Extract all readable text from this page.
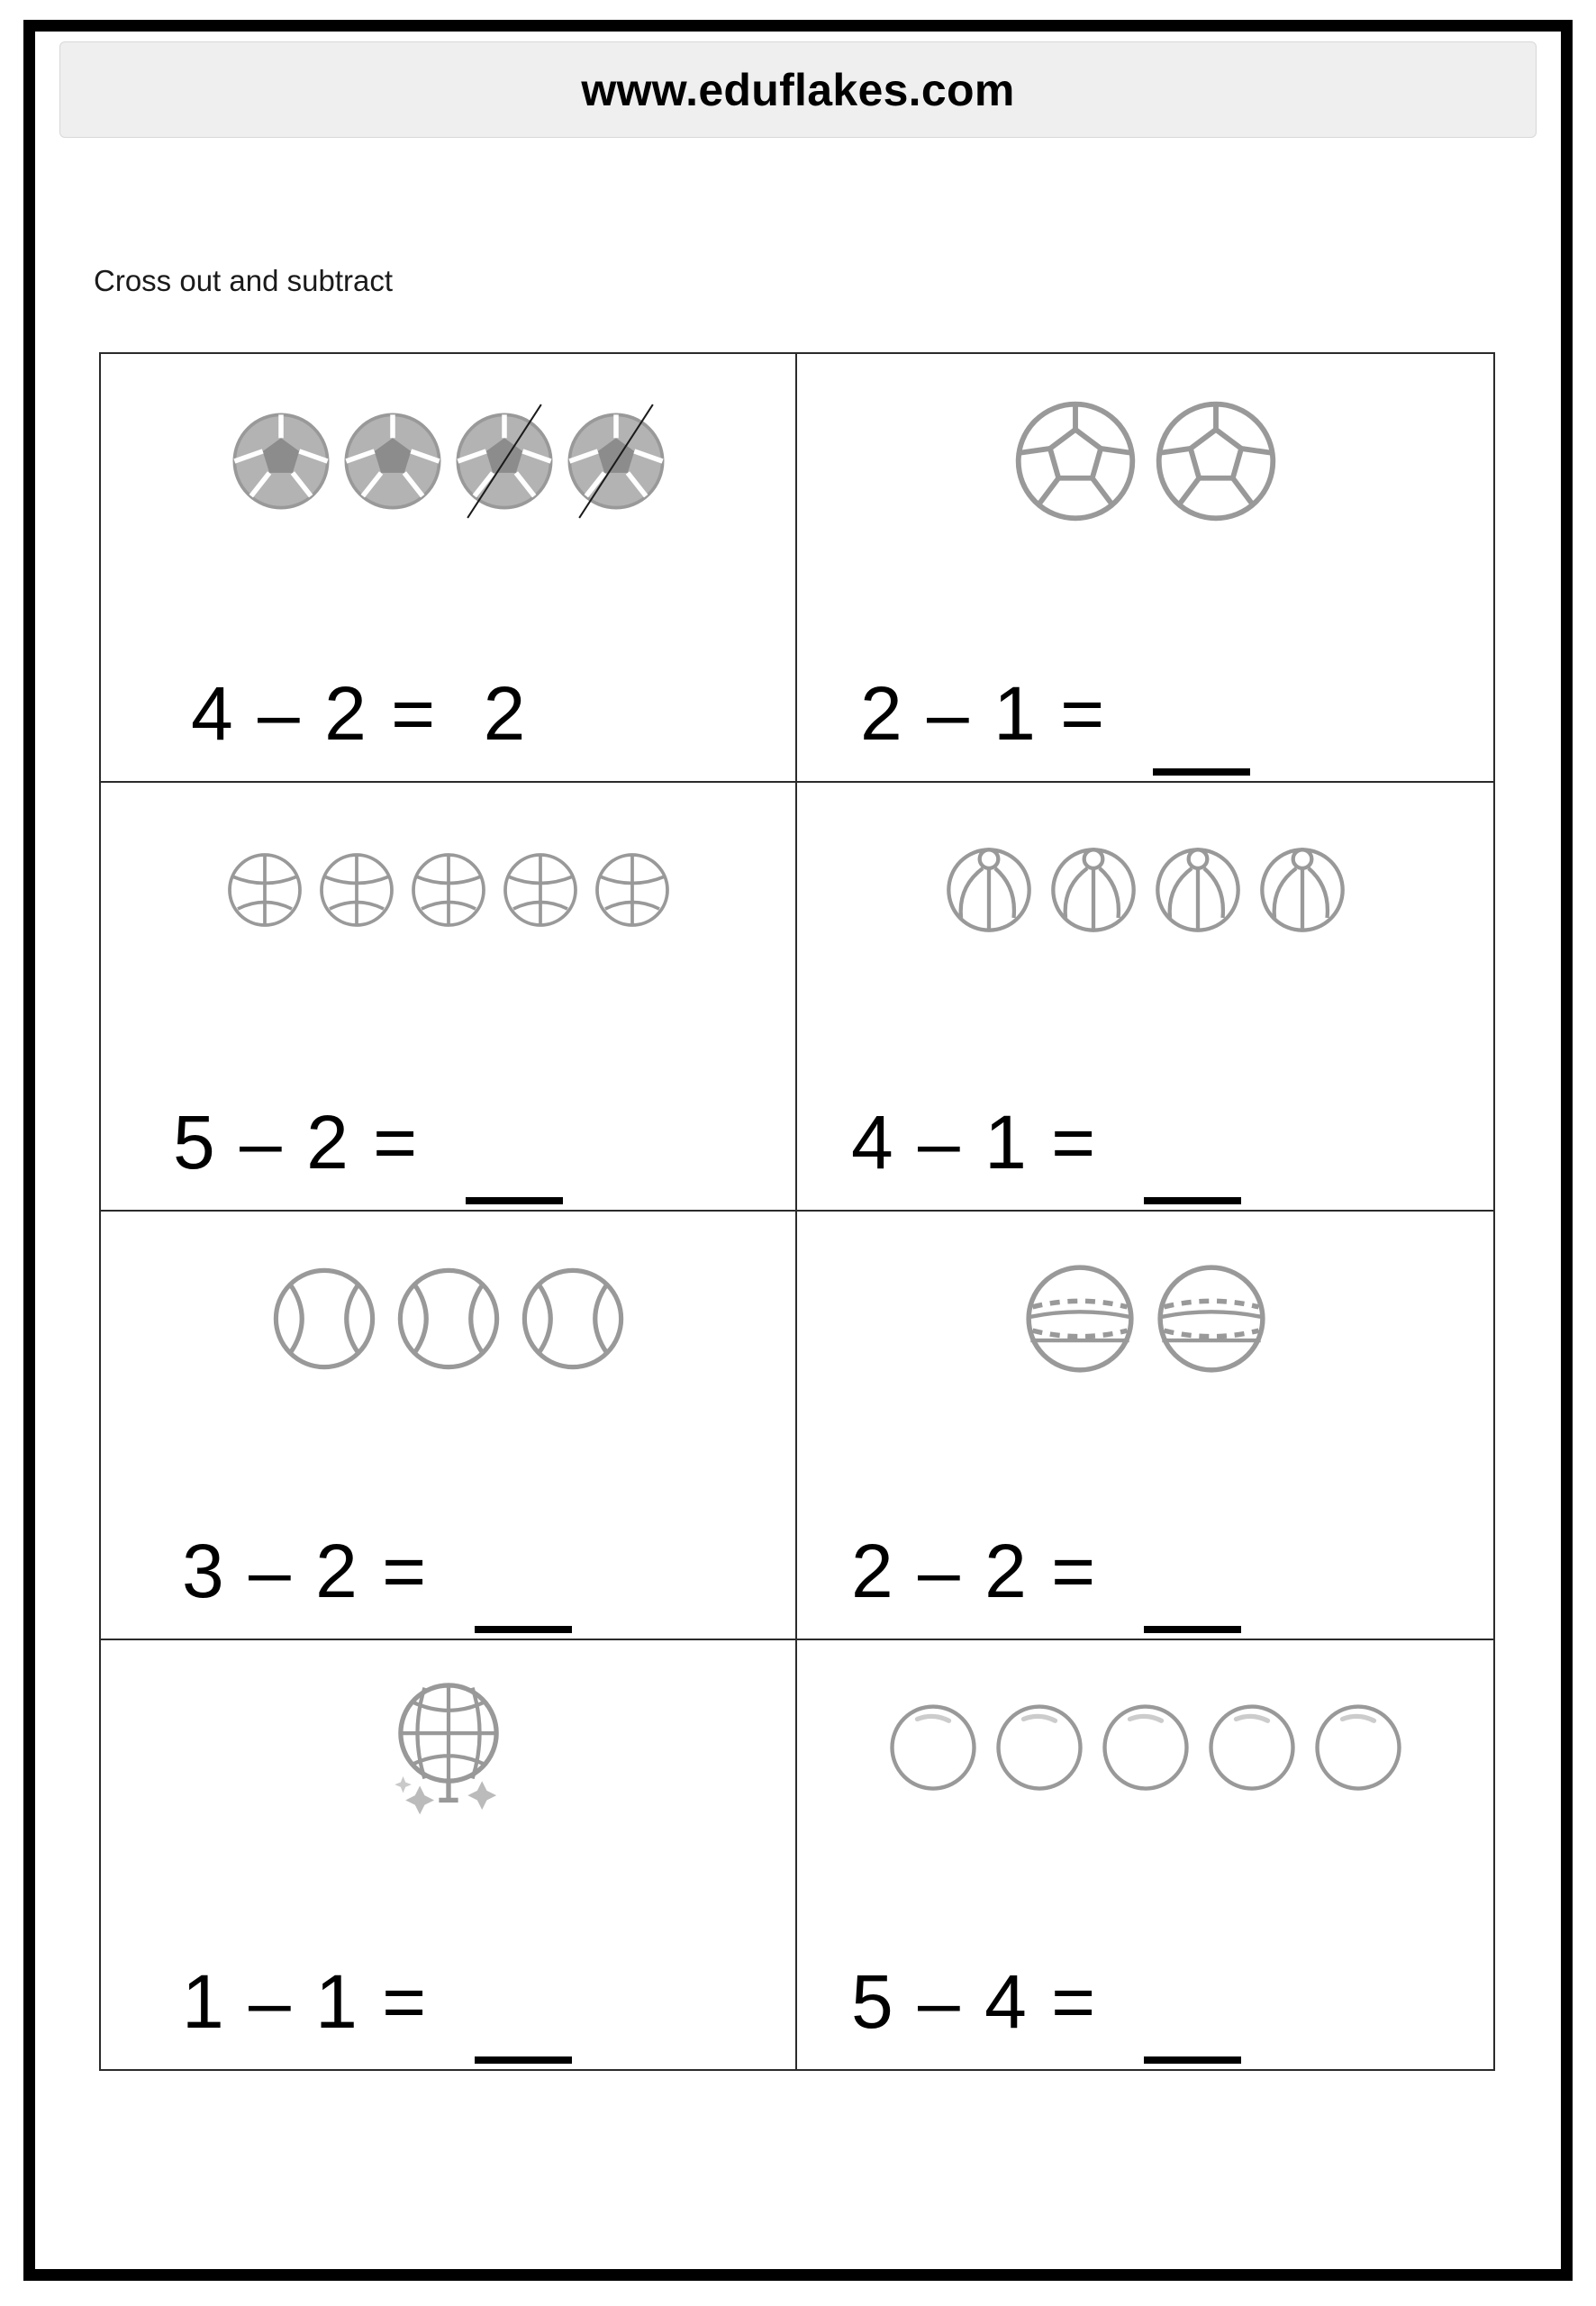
www.eduflakes.com
Cross out and subtract
4 – 2 = 2	2 – 1 =
5 – 2 =	4 – 1 =
3 – 2 =	2 – 2 =
1 – 1 =	5 – 4 =
